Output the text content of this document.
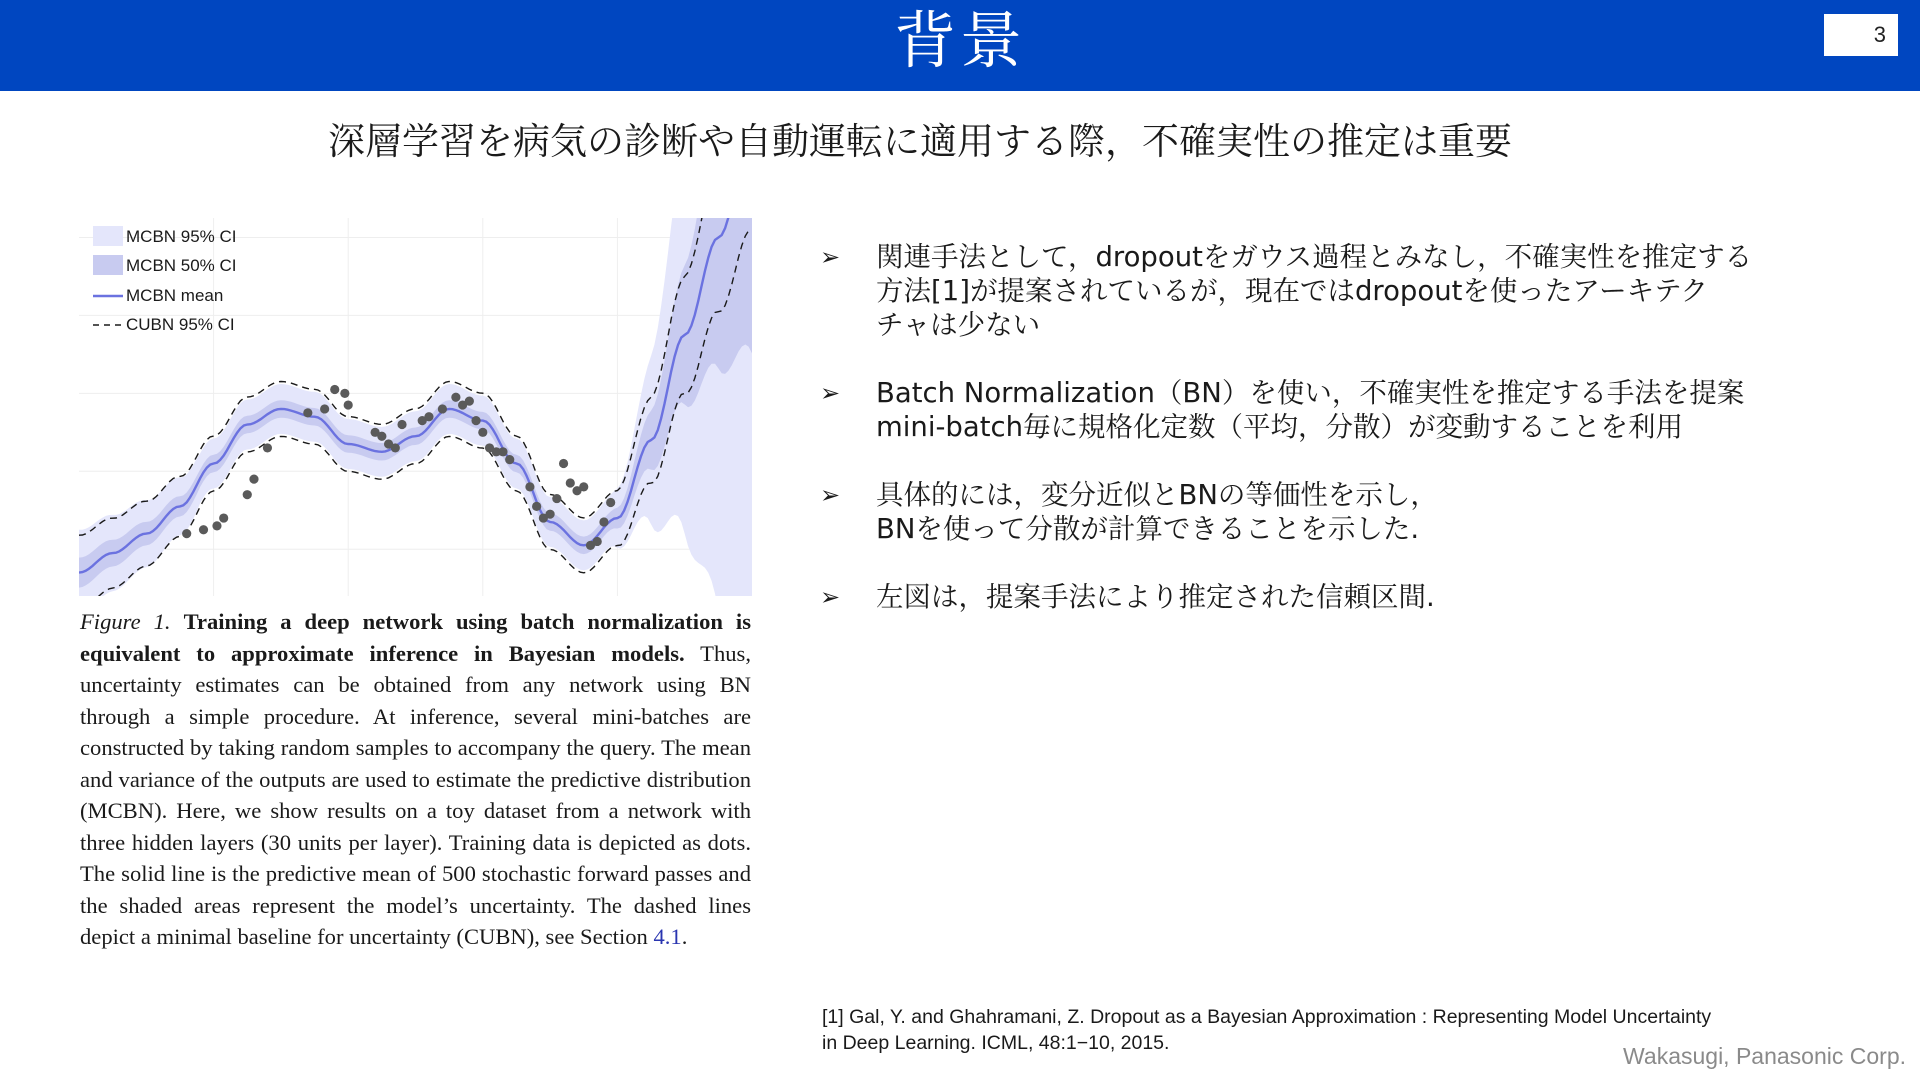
背景	3
深層学習を病気の診断や自動運転に適用する際，不確実性の推定は重要
MCBN 95% CI
MCBN 50% CI
MCBN mean
CUBN 95% CI
Figure 1. Training a deep network using batch normalization is equivalent to approximate inference in Bayesian models. Thus, uncertainty estimates can be obtained from any network using BN through a simple procedure. At inference, several mini-batches are constructed by taking random samples to accompany the query. The mean and variance of the outputs are used to estimate the predictive distribution (MCBN). Here, we show results on a toy dataset from a network with three hidden layers (30 units per layer). Training data is depicted as dots. The solid line is the predictive mean of 500 stochastic forward passes and the shaded areas represent the model’s uncertainty. The dashed lines depict a minimal baseline for uncertainty (CUBN), see Section 4.1.
➢ 関連手法として，dropoutをガウス過程とみなし，不確実性を推定する
方法[1]が提案されているが，現在ではdropoutを使ったアーキテク
チャは少ない
➢ Batch Normalization（BN）を使い，不確実性を推定する手法を提案
mini-batch毎に規格化定数（平均，分散）が変動することを利用
➢ 具体的には，変分近似とBNの等価性を示し，
BNを使って分散が計算できることを示した.
➢ 左図は，提案手法により推定された信頼区間.
[1] Gal, Y. and Ghahramani, Z. Dropout as a Bayesian Approximation : Representing Model Uncertainty
in Deep Learning. ICML, 48:1−10, 2015.	Wakasugi, Panasonic Corp.
